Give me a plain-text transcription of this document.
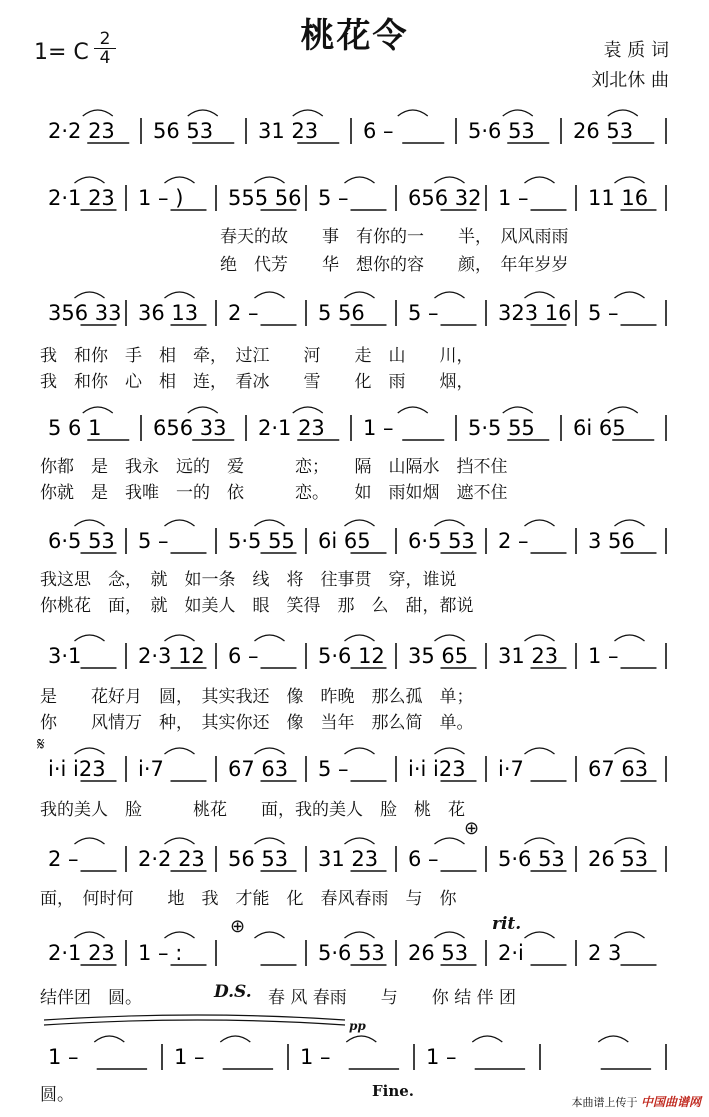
桃花令
1= C
2
4	袁 质 词
刘北休 曲
2·2 23 56 53 31 23 6 –	5·6 53 26 53
2·1 23 1 – ) 555 56 5 –	656 32 1 –	11 16
356 33 36 13 2 –	5 56 5 –	323 16 5 –
5 6 1 656 33 2·1 23 1 –	5·5 55 6i 65
6·5 53 5 –	5·5 55 6i 65 6·5 53 2 –	3 56
3·1	2·3 12 6 –	5·6 12 35 65 31 23 1 –
i·i i23 i·7	67 63 5 –	i·i i23 i·7	67 63
2 –	2·2 23 56 53 31 23 6 –	5·6 53 26 53
2·1 23 1 – :	5·6 53 26 53 2·i	2 3
1 –	1 –	1 –	1 –
春天的故　　事　有你的一　　半，　风风雨雨
绝　代芳　　华　想你的容　　颜，　年年岁岁
我　和你　手　相　牵，　过江　　河　　走　山　　川，
我　和你　心　相　连，　看冰　　雪　　化　雨　　烟，
你都　是　我永　远的　爱　　　恋；　　隔　山隔水　挡不住
你就　是　我唯　一的　依　　　恋。　　如　雨如烟　遮不住
我这思　念，　就　如一条　线　将　往事贯　穿，谁说
你桃花　面，　就　如美人　眼　笑得　那　么　甜，都说
是　　花好月　圆，　其实我还　像　昨晚　那么孤　单；
你　　风情万　种，　其实你还　像　当年　那么简　单。
我的美人　脸　　　桃花　　面，我的美人　脸　桃　花
面，　何时何　　地　我　才能　化　春风春雨　与　你
结伴团　圆。	D.S. 春 风 春雨　　与　　你 结 伴 团
圆。
𝄋
⊕
⊕	rit.
pp
Fine.
本曲谱上传于 中国曲谱网
